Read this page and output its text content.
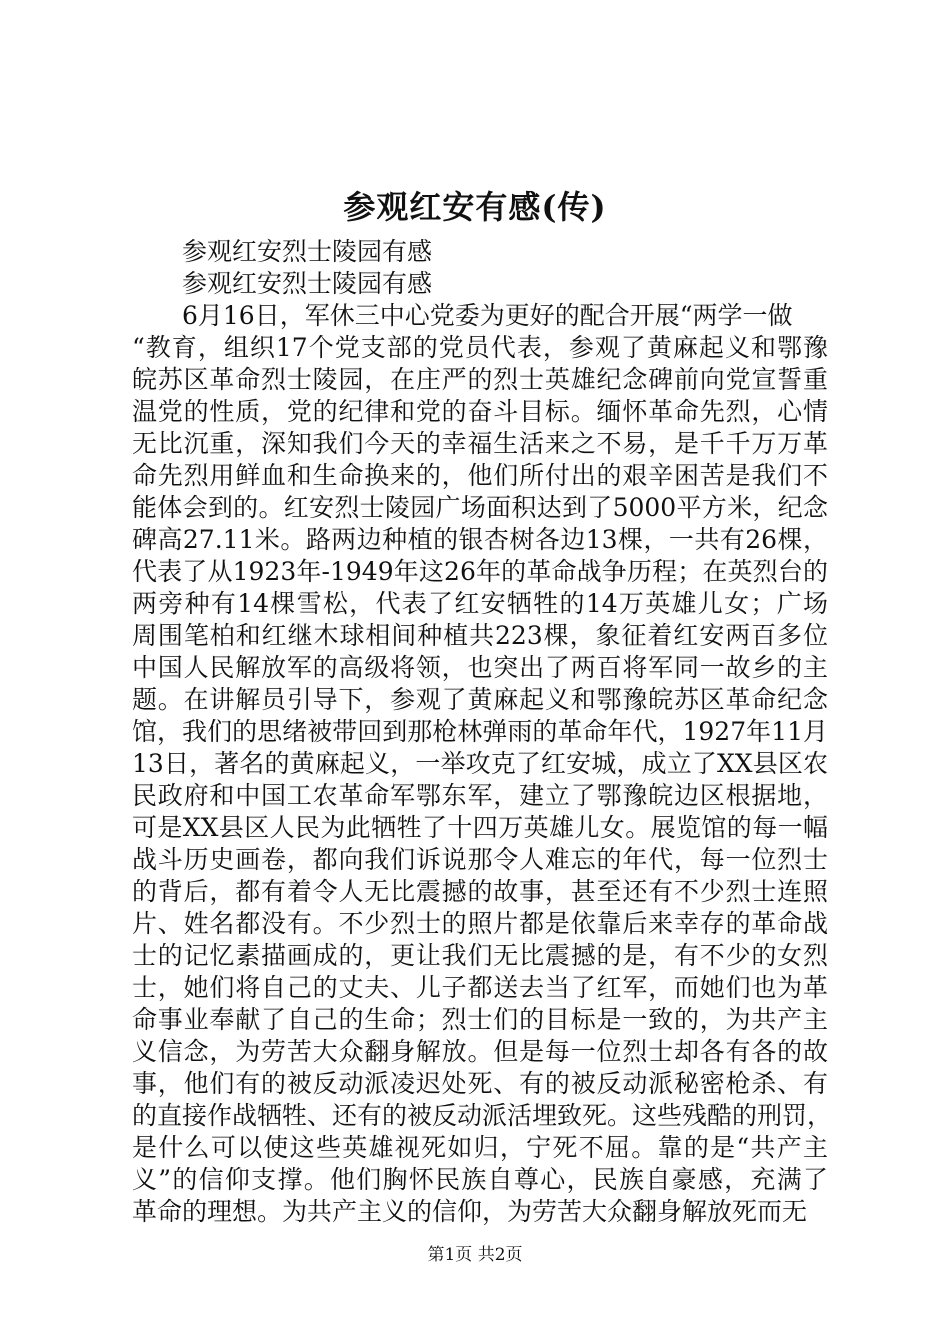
参观红安有感(传)
参观红安烈士陵园有感
参观红安烈士陵园有感
6月16日，军休三中心党委为更好的配合开展“两学一做
“教育，组织17个党支部的党员代表，参观了黄麻起义和鄂豫
皖苏区革命烈士陵园，在庄严的烈士英雄纪念碑前向党宣誓重
温党的性质，党的纪律和党的奋斗目标。缅怀革命先烈，心情
无比沉重，深知我们今天的幸福生活来之不易，是千千万万革
命先烈用鲜血和生命换来的，他们所付出的艰辛困苦是我们不
能体会到的。红安烈士陵园广场面积达到了5000平方米，纪念
碑高27.11米。路两边种植的银杏树各边13棵，一共有26棵，
代表了从1923年-1949年这26年的革命战争历程；在英烈台的
两旁种有14棵雪松，代表了红安牺牲的14万英雄儿女；广场
周围笔柏和红继木球相间种植共223棵，象征着红安两百多位
中国人民解放军的高级将领，也突出了两百将军同一故乡的主
题。在讲解员引导下，参观了黄麻起义和鄂豫皖苏区革命纪念
馆，我们的思绪被带回到那枪林弹雨的革命年代，1927年11月
13日，著名的黄麻起义，一举攻克了红安城，成立了XX县区农
民政府和中国工农革命军鄂东军，建立了鄂豫皖边区根据地，
可是XX县区人民为此牺牲了十四万英雄儿女。展览馆的每一幅
战斗历史画卷，都向我们诉说那令人难忘的年代，每一位烈士
的背后，都有着令人无比震撼的故事，甚至还有不少烈士连照
片、姓名都没有。不少烈士的照片都是依靠后来幸存的革命战
士的记忆素描画成的，更让我们无比震撼的是，有不少的女烈
士，她们将自己的丈夫、儿子都送去当了红军，而她们也为革
命事业奉献了自己的生命；烈士们的目标是一致的，为共产主
义信念，为劳苦大众翻身解放。但是每一位烈士却各有各的故
事，他们有的被反动派凌迟处死、有的被反动派秘密枪杀、有
的直接作战牺牲、还有的被反动派活埋致死。这些残酷的刑罚，
是什么可以使这些英雄视死如归，宁死不屈。靠的是“共产主
义”的信仰支撑。他们胸怀民族自尊心，民族自豪感，充满了
革命的理想。为共产主义的信仰，为劳苦大众翻身解放死而无
第1页 共2页
